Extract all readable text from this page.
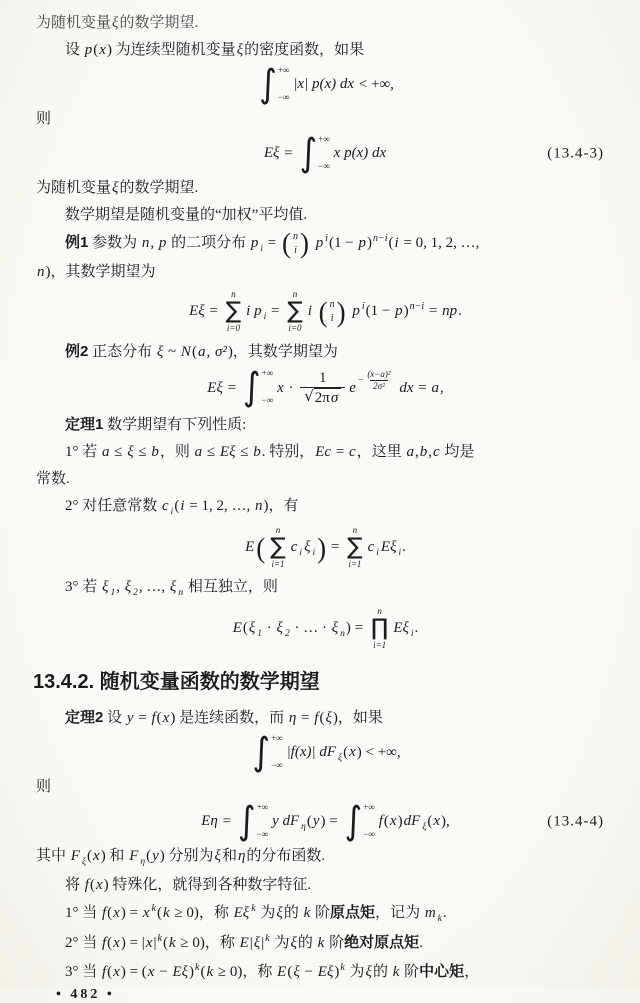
为随机变量ξ的数学期望.
设 p(x) 为连续型随机变量ξ的密度函数，如果
∫ +∞
−∞
|x| p(x) dx < +∞,
则
Eξ = ∫ +∞
−∞
x p(x) dx	(13.4-3)
为随机变量ξ的数学期望.
数学期望是随机变量的“加权”平均值.
例1 参数为 n, p 的二项分布 p i = ( n
i ) p i(1 − p)n−i(i = 0, 1, 2, …,
n)，其数学期望为
Eξ =
n
∑
i=0
i p i =
n
∑
i=0
i ( n
i ) p i(1 − p)n−i = np.
例2 正态分布 ξ ~ N(a, σ²)，其数学期望为
Eξ = ∫ +∞
−∞
$x \cdot \frac{1}{√ 2\pi\sigma}$ $e - \frac{\text{(x−a)²}}{\text{2σ²}}$ dx = a,
定理1 数学期望有下列性质:
1° 若 a ≤ ξ ≤ b，则 a ≤ Eξ ≤ b. 特别，Ec = c，这里 a,b,c 均是
常数.
2° 对任意常数 c i(i = 1, 2, …, n)，有
E(
n
∑
i=1
c i ξ i) =
n
∑
i=1
c i Eξ i.
3° 若 ξ 1, ξ 2, …, ξ n 相互独立，则
E(ξ 1 · ξ 2 · … · ξ n) =
n
∏
i=1
Eξ i.
13.4.2. 随机变量函数的数学期望
定理2 设 y = f(x) 是连续函数，而 η = f(ξ)，如果
∫ +∞
−∞
|f(x)| dF ξ(x) < +∞,
则
Eη = ∫ +∞
−∞
y dF η(y) = ∫ +∞
−∞
f(x)dF ξ(x),	(13.4-4)
其中 F ξ(x) 和 F η(y) 分别为ξ和η的分布函数.
将 f(x) 特殊化，就得到各种数字特征.
1° 当 f(x) = x k(k ≥ 0)，称 Eξ k 为ξ的 k 阶原点矩，记为 m k.
2° 当 f(x) = |x|k(k ≥ 0)，称 E|ξ|k 为ξ的 k 阶绝对原点矩.
3° 当 f(x) = (x − Eξ)k(k ≥ 0)，称 E(ξ − Eξ)k 为ξ的 k 阶中心矩，
• 482 •
